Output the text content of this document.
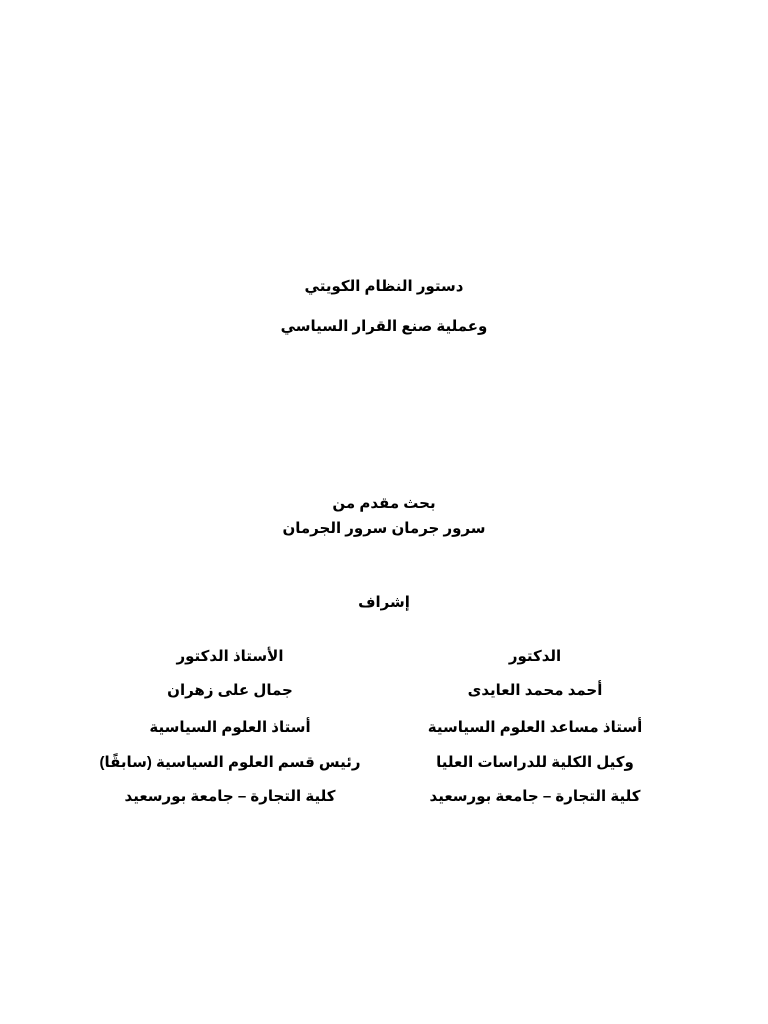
دستور النظام الكويتي
وعملية صنع القرار السياسي
بحث مقدم من
سرور جرمان سرور الجرمان
إشراف
الدكتور
أحمد محمد العايدى
أستاذ مساعد العلوم السياسية
وكيل الكلية للدراسات العليا
كلية التجارة – جامعة بورسعيد
الأستاذ الدكتور
جمال على زهران
أستاذ العلوم السياسية
رئيس قسم العلوم السياسية (سابقًا)
كلية التجارة – جامعة بورسعيد
